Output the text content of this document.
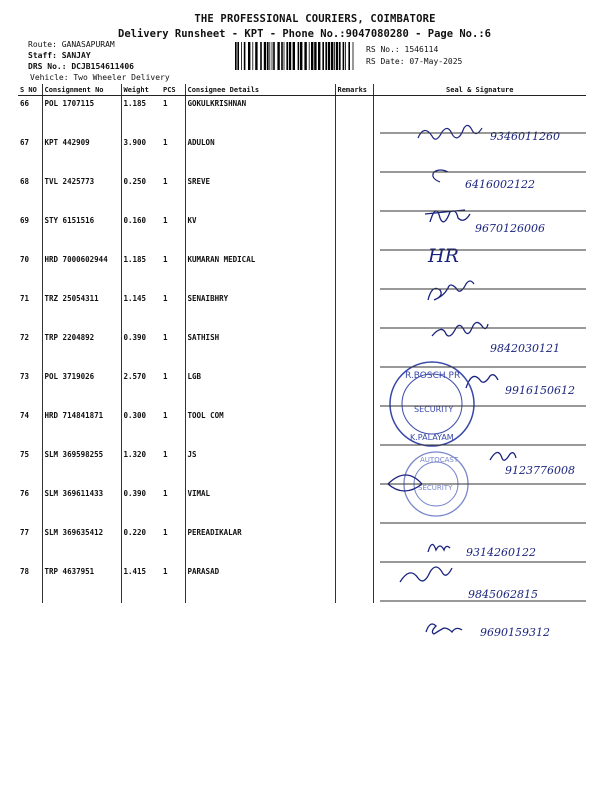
THE PROFESSIONAL COURIERS, COIMBATORE
Delivery Runsheet - KPT - Phone No.:9047080280 - Page No.:6
Route: GANASAPURAM
Staff: SANJAY
DRS No.: DCJB154611406
Vehicle: Two Wheeler Delivery
RS No.: 1546114
RS Date: 07-May-2025
S NO	Consignment No	Weight	PCS	Consignee Details	Remarks	Seal & Signature
66	POL 1707115	1.185	1	GOKULKRISHNAN		
67	KPT 442909	3.900	1	ADULON		
68	TVL 2425773	0.250	1	SREVE		
69	STY 6151516	0.160	1	KV		
70	HRD 7000602944	1.185	1	KUMARAN MEDICAL		
71	TRZ 25054311	1.145	1	SENAIBHRY		
72	TRP 2204892	0.390	1	SATHISH		
73	POL 3719026	2.570	1	LGB		
74	HRD 714841871	0.300	1	TOOL COM		
75	SLM 369598255	1.320	1	JS		
76	SLM 369611433	0.390	1	VIMAL		
77	SLM 369635412	0.220	1	PEREADIKALAR		
78	TRP 4637951	1.415	1	PARASAD		
9346011260
6416002122
9670126006
HR
9842030121
9916150612
R.BOSCH PR
SECURITY
K.PALAYAM
9123776008
AUTOCAST
SECURITY
9314260122
9845062815
9690159312
